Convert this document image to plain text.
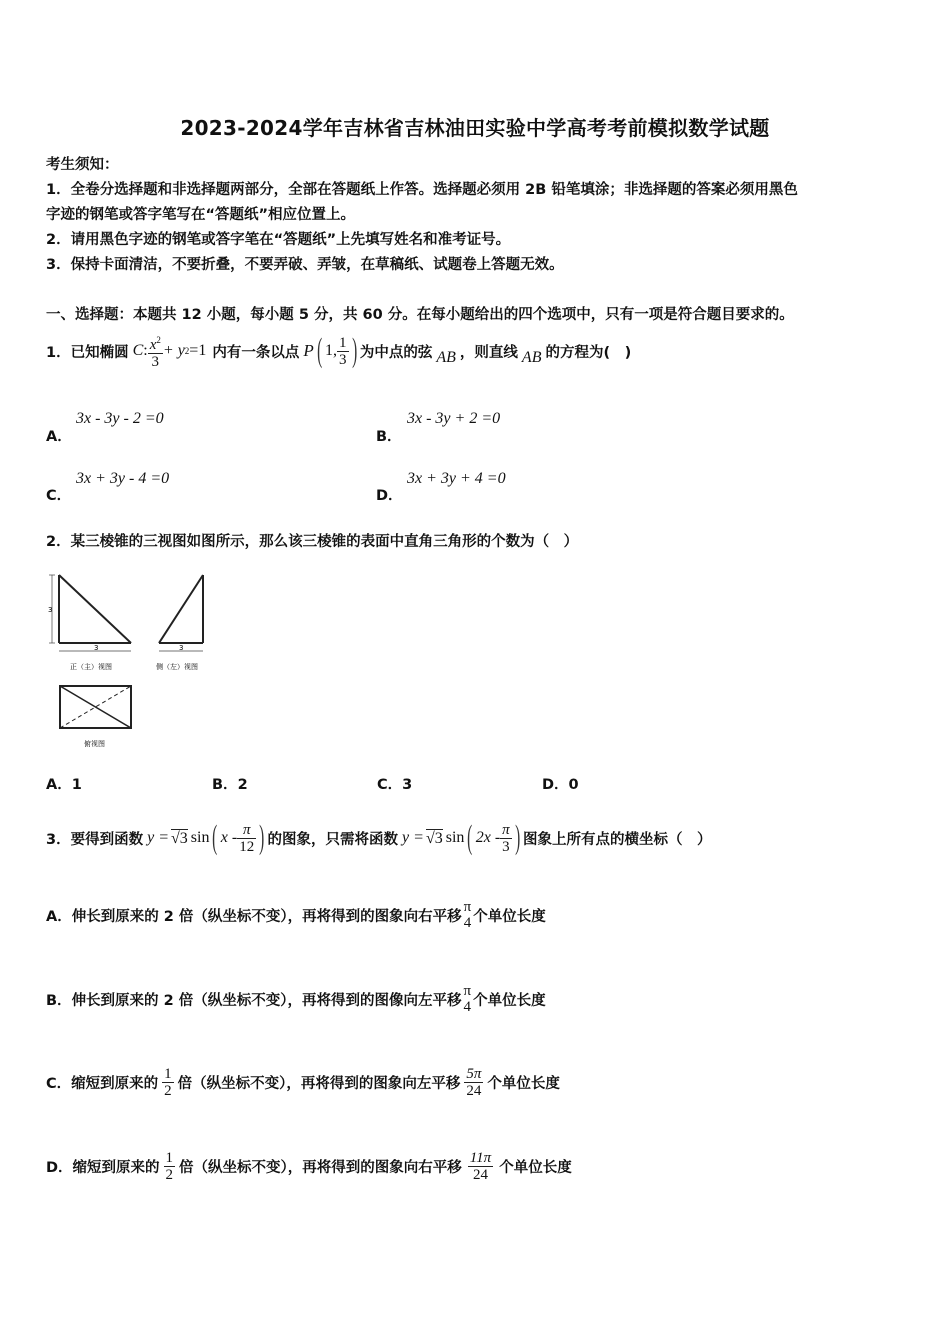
2023-2024学年吉林省吉林油田实验中学高考考前模拟数学试题
考生须知：
1．全卷分选择题和非选择题两部分，全部在答题纸上作答。选择题必须用 2B 铅笔填涂；非选择题的答案必须用黑色
字迹的钢笔或答字笔写在“答题纸”相应位置上。
2．请用黑色字迹的钢笔或答字笔在“答题纸”上先填写姓名和准考证号。
3．保持卡面清洁，不要折叠，不要弄破、弄皱，在草稿纸、试题卷上答题无效。
一、选择题：本题共 12 小题，每小题 5 分，共 60 分。在每小题给出的四个选项中，只有一项是符合题目要求的。
1．已知椭圆 C : $\frac{x^2}{3} + y$ 2 =1 内有一条以点 P ( 1, $\frac{1}{3}$ ) 为中点的弦 AB ，则直线 AB 的方程为(　)
A．
3x - 3y - 2 =0
B．
3x - 3y + 2 =0
C．
3x + 3y - 4 =0
D．
3x + 3y + 4 =0
2．某三棱锥的三视图如图所示，那么该三棱锥的表面中直角三角形的个数为（　）
3
3
正（主）视图
3
侧（左）视图
俯视图
A．1	B．2	C．3	D．0
3．要得到函数 y = √3 sin ( x - $\frac{\pi}{12}$ ) 的图象，只需将函数 y = √3 sin ( $2x - \frac{\pi}{3}$ ) 图象上所有点的横坐标（　）
A． 伸长到原来的 2 倍（纵坐标不变），再将得到的图象向右平移
π
4 个单位长度
B． 伸长到原来的 2 倍（纵坐标不变），再将得到的图像向左平移
π
4 个单位长度
C． 缩短到原来的 $\frac{1}{2}$ 倍（纵坐标不变），再将得到的图象向左平移 $\frac{5\pi}{24}$ 个单位长度
D． 缩短到原来的 $\frac{1}{2}$ 倍（纵坐标不变），再将得到的图象向右平移 $\frac{11\pi}{24}$ 个单位长度
